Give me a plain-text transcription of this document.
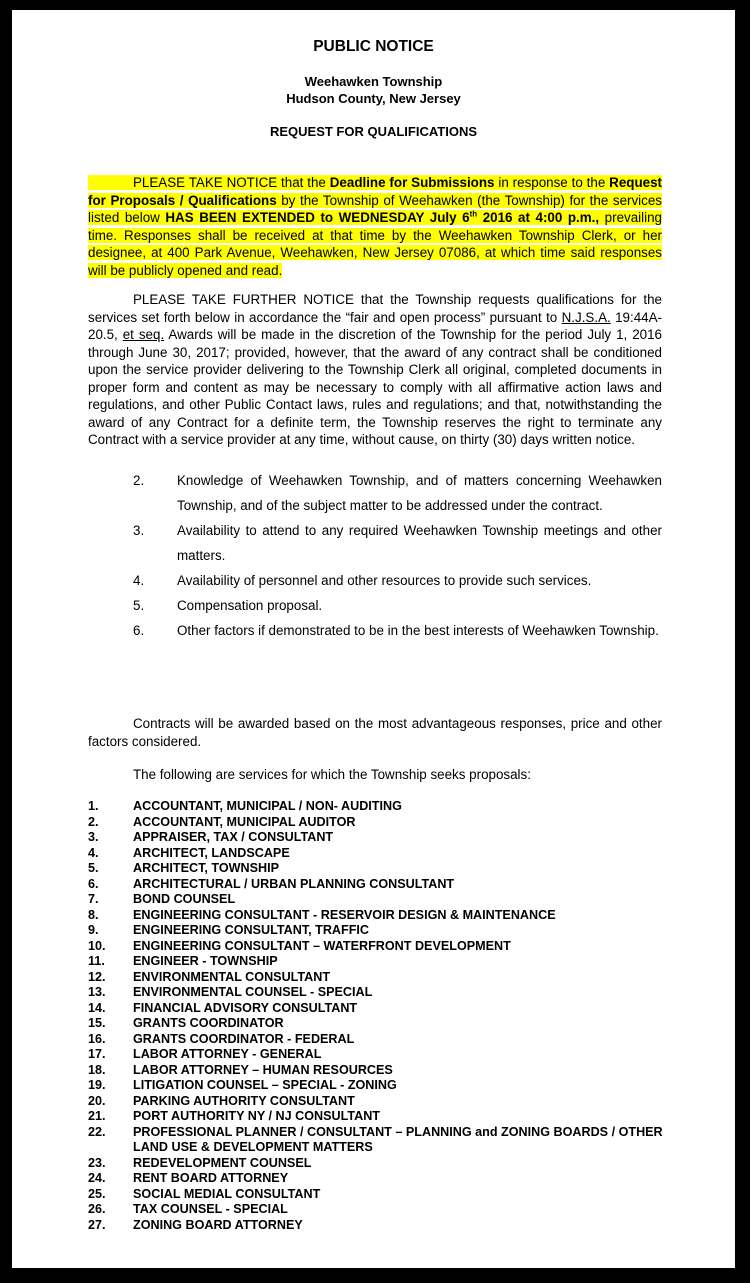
PUBLIC NOTICE
Weehawken Township
Hudson County, New Jersey
REQUEST FOR QUALIFICATIONS
PLEASE TAKE NOTICE that the Deadline for Submissions in response to the Request for Proposals / Qualifications by the Township of Weehawken (the Township) for the services listed below HAS BEEN EXTENDED to WEDNESDAY July 6th 2016 at 4:00 p.m., prevailing time. Responses shall be received at that time by the Weehawken Township Clerk, or her designee, at 400 Park Avenue, Weehawken, New Jersey 07086, at which time said responses will be publicly opened and read.
PLEASE TAKE FURTHER NOTICE that the Township requests qualifications for the services set forth below in accordance the “fair and open process” pursuant to N.J.S.A. 19:44A-20.5, et seq. Awards will be made in the discretion of the Township for the period July 1, 2016 through June 30, 2017; provided, however, that the award of any contract shall be conditioned upon the service provider delivering to the Township Clerk all original, completed documents in proper form and content as may be necessary to comply with all affirmative action laws and regulations, and other Public Contact laws, rules and regulations; and that, notwithstanding the award of any Contract for a definite term, the Township reserves the right to terminate any Contract with a service provider at any time, without cause, on thirty (30) days written notice.
2. Knowledge of Weehawken Township, and of matters concerning Weehawken Township, and of the subject matter to be addressed under the contract.
3. Availability to attend to any required Weehawken Township meetings and other matters.
4. Availability of personnel and other resources to provide such services.
5. Compensation proposal.
6. Other factors if demonstrated to be in the best interests of Weehawken Township.
Contracts will be awarded based on the most advantageous responses, price and other factors considered.
The following are services for which the Township seeks proposals:
1.	ACCOUNTANT, MUNICIPAL / NON- AUDITING
2.	ACCOUNTANT, MUNICIPAL AUDITOR
3.	APPRAISER, TAX / CONSULTANT
4.	ARCHITECT, LANDSCAPE
5.	ARCHITECT, TOWNSHIP
6.	ARCHITECTURAL / URBAN PLANNING CONSULTANT
7.	BOND COUNSEL
8.	ENGINEERING CONSULTANT - RESERVOIR DESIGN & MAINTENANCE
9.	ENGINEERING CONSULTANT, TRAFFIC
10. ENGINEERING CONSULTANT – WATERFRONT DEVELOPMENT
11. ENGINEER - TOWNSHIP
12. ENVIRONMENTAL CONSULTANT
13. ENVIRONMENTAL COUNSEL - SPECIAL
14. FINANCIAL ADVISORY CONSULTANT
15. GRANTS COORDINATOR
16. GRANTS COORDINATOR - FEDERAL
17. LABOR ATTORNEY - GENERAL
18. LABOR ATTORNEY – HUMAN RESOURCES
19. LITIGATION COUNSEL – SPECIAL - ZONING
20. PARKING AUTHORITY CONSULTANT
21. PORT AUTHORITY NY / NJ CONSULTANT
22. PROFESSIONAL PLANNER / CONSULTANT – PLANNING and ZONING BOARDS / OTHER LAND USE & DEVELOPMENT MATTERS
23. REDEVELOPMENT COUNSEL
24. RENT BOARD ATTORNEY
25. SOCIAL MEDIAL CONSULTANT
26. TAX COUNSEL - SPECIAL
27. ZONING BOARD ATTORNEY
